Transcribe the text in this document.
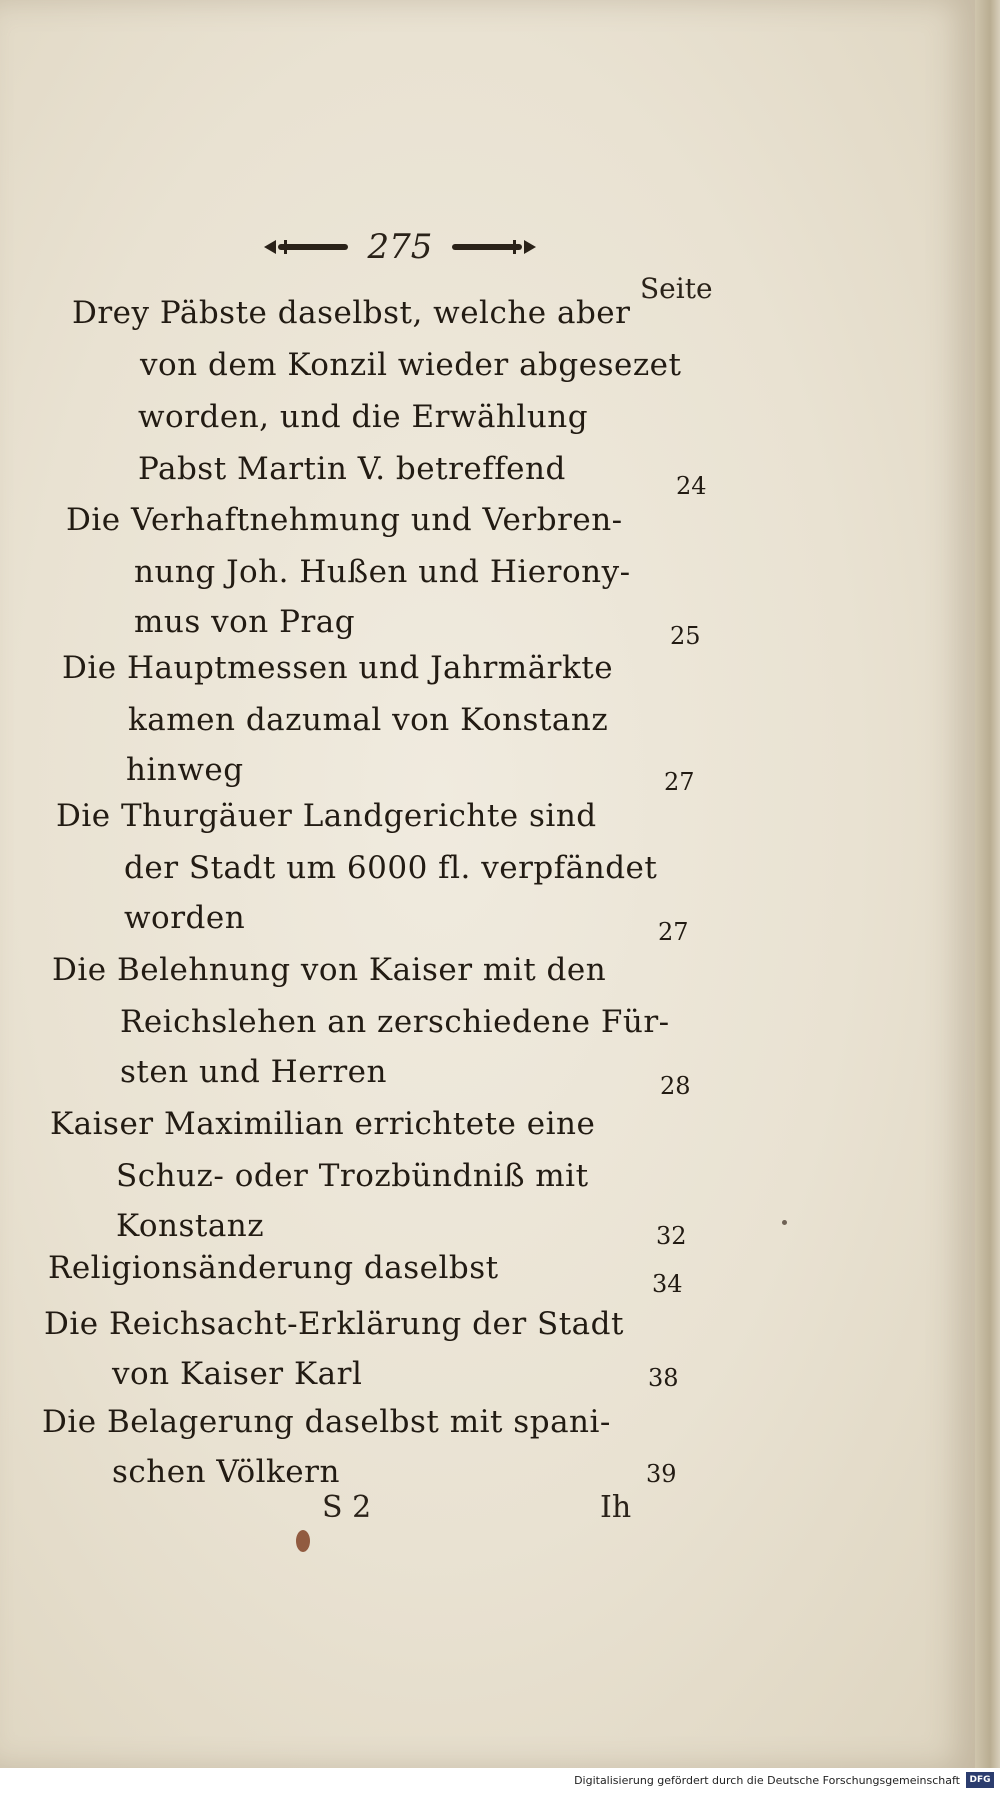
275
Seite
Drey Päbste daselbst, welche aber
von dem Konzil wieder abgesezet
worden, und die Erwählung
Pabst Martin V. betreffend	24
Die Verhaftnehmung und Verbren-
nung Joh. Hußen und Hierony-
mus von Prag	25
Die Hauptmessen und Jahrmärkte
kamen dazumal von Konstanz
hinweg	27
Die Thurgäuer Landgerichte sind
der Stadt um 6000 fl. verpfändet
worden	27
Die Belehnung von Kaiser mit den
Reichslehen an zerschiedene Für-
sten und Herren	28
Kaiser Maximilian errichtete eine
Schuz- oder Trozbündniß mit
Konstanz	32
Religionsänderung daselbst	34
Die Reichsacht-Erklärung der Stadt
von Kaiser Karl	38
Die Belagerung daselbst mit spani-
schen Völkern	39
S 2	Ih
Digitalisierung gefördert durch die Deutsche Forschungsgemeinschaft	DFG
